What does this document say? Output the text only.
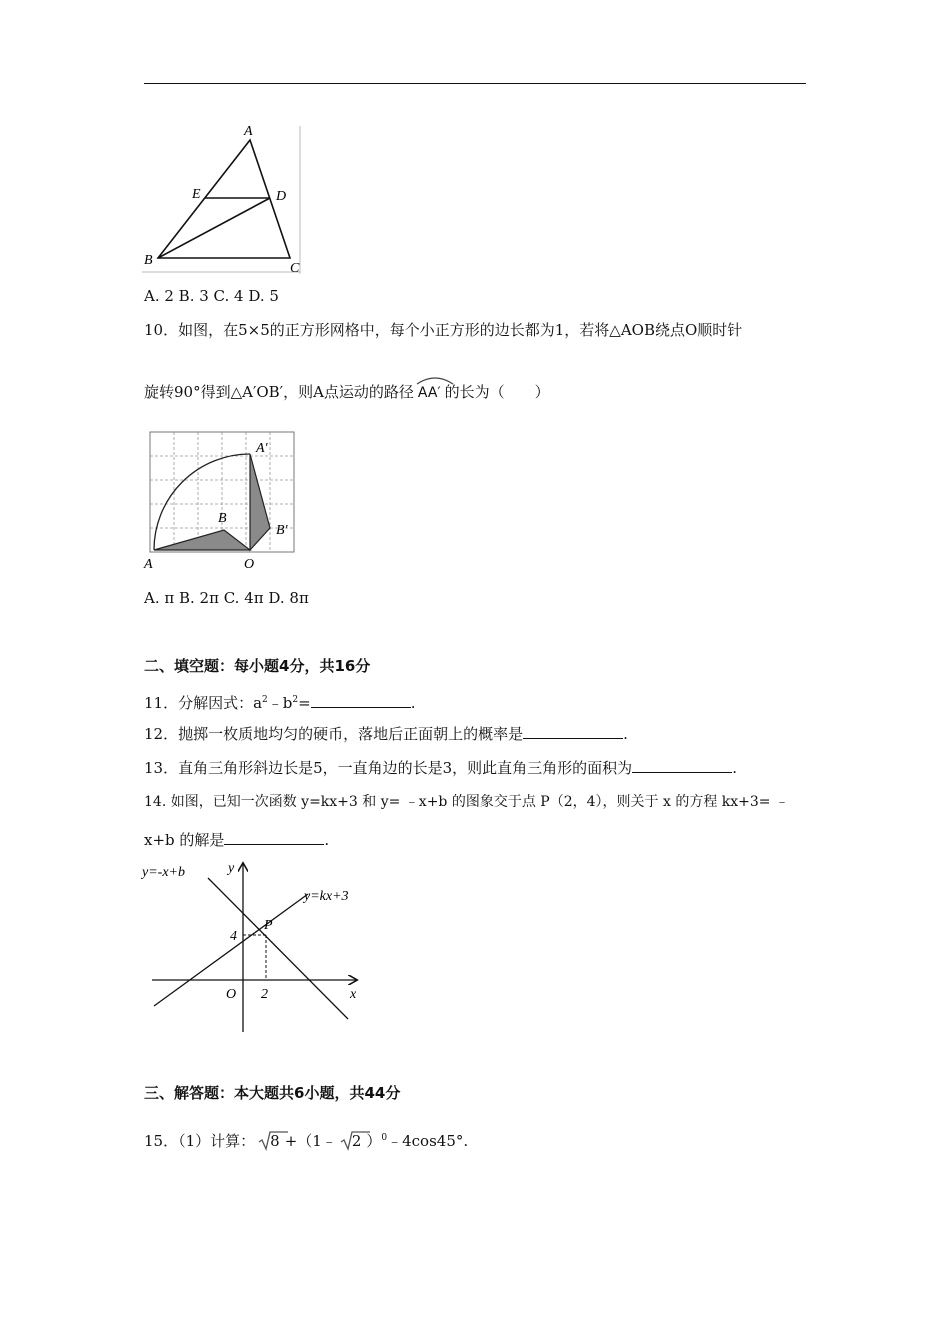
A
E	D
B
C
A. 2 B. 3 C. 4 D. 5
10．如图，在5×5的正方形网格中，每个小正方形的边长都为1，若将△AOB绕点O顺时针
旋转90°得到△A′OB′，则A点运动的路径 AA′ 的长为（　　）
A′
B
B′
A	O
A. π B. 2π C. 4π D. 8π
二、填空题：每小题4分，共16分
11．分解因式：$a^2﹣b^2=$	.
12．抛掷一枚质地均匀的硬币，落地后正面朝上的概率是	.
13．直角三角形斜边长是5，一直角边的长是3，则此直角三角形的面积为	.
14. 如图，已知一次函数 y=kx+3 和 y= ﹣x+b 的图象交于点 P（2，4），则关于 x 的方程 kx+3= ﹣
x+b 的解是	.
y=-x+b
y=kx+3
y
x
P
4
O 2
三、解答题：本大题共6小题，共44分
15．（1）计算： 8 +（1﹣ 2 ）$^0$﹣4cos45°.
